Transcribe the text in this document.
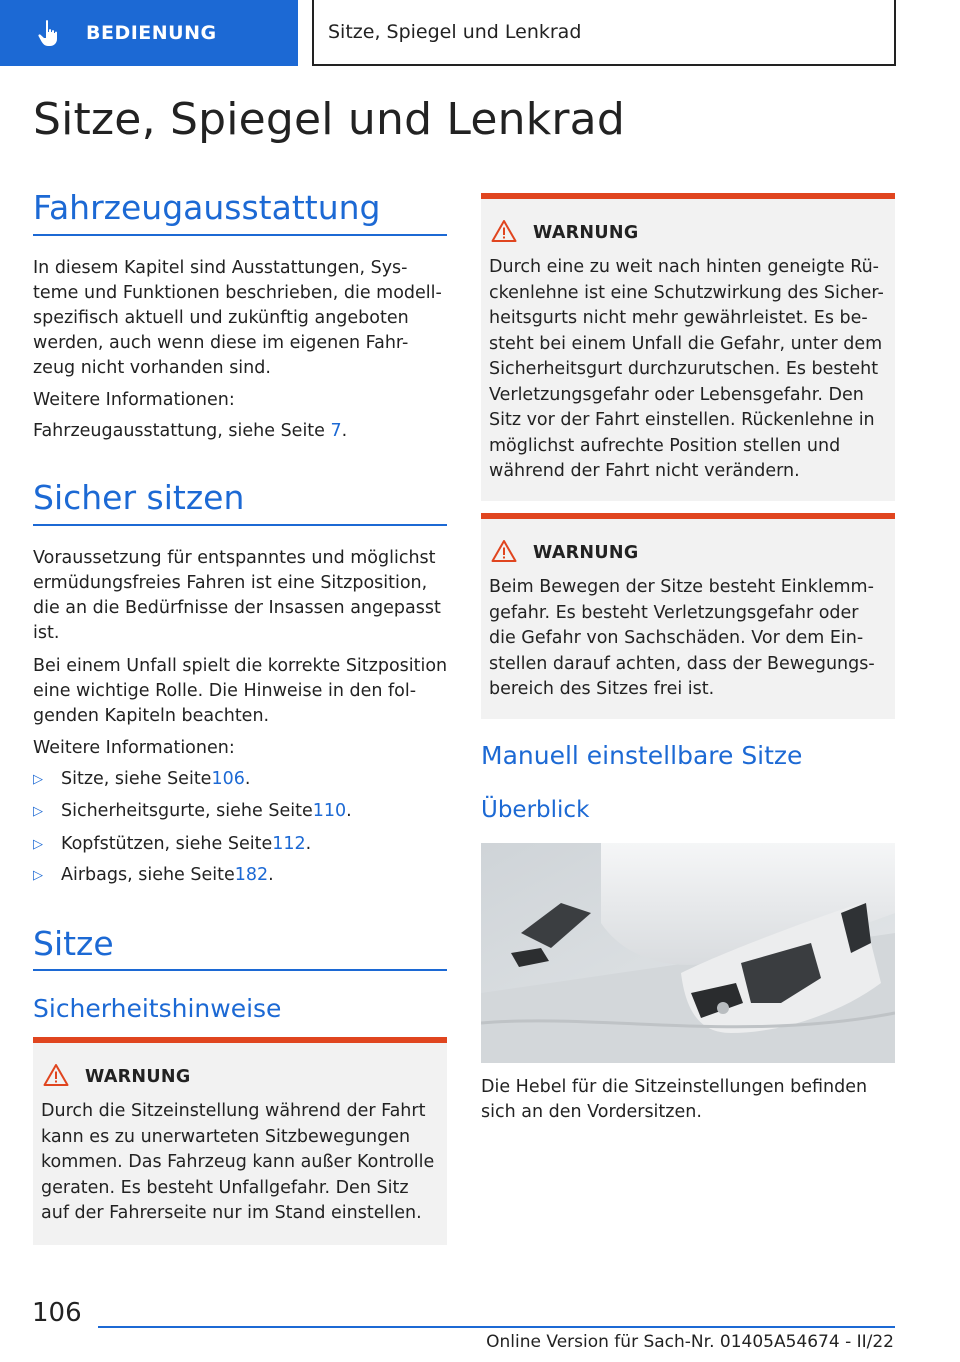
BEDIENUNG	Sitze, Spiegel und Lenkrad
Sitze, Spiegel und Lenkrad
Fahrzeugausstattung

In diesem Kapitel sind Ausstattungen, Sys-
teme und Funktionen beschrieben, die modell-
spezifisch aktuell und zukünftig angeboten
werden, auch wenn diese im eigenen Fahr-
zeug nicht vorhanden sind.

Weitere Informationen:

Fahrzeugausstattung, siehe Seite 7.

Sicher sitzen

Voraussetzung für entspanntes und möglichst
ermüdungsfreies Fahren ist eine Sitzposition,
die an die Bedürfnisse der Insassen angepasst
ist.

Bei einem Unfall spielt die korrekte Sitzposition
eine wichtige Rolle. Die Hinweise in den fol-
genden Kapiteln beachten.

Weitere Informationen:

▷	Sitze, siehe Seite 106 .
▷	Sicherheitsgurte, siehe Seite 110 .
▷	Kopfstützen, siehe Seite 112 .
▷	Airbags, siehe Seite 182 .
Sitze
Sicherheitshinweise
WARNUNG
Durch die Sitzeinstellung während der Fahrt
kann es zu unerwarteten Sitzbewegungen
kommen. Das Fahrzeug kann außer Kontrolle
geraten. Es besteht Unfallgefahr. Den Sitz
auf der Fahrerseite nur im Stand einstellen.
WARNUNG
Durch eine zu weit nach hinten geneigte Rü-
ckenlehne ist eine Schutzwirkung des Sicher-
heitsgurts nicht mehr gewährleistet. Es be-
steht bei einem Unfall die Gefahr, unter dem
Sicherheitsgurt durchzurutschen. Es besteht
Verletzungsgefahr oder Lebensgefahr. Den
Sitz vor der Fahrt einstellen. Rückenlehne in
möglichst aufrechte Position stellen und
während der Fahrt nicht verändern.
WARNUNG
Beim Bewegen der Sitze besteht Einklemm-
gefahr. Es besteht Verletzungsgefahr oder
die Gefahr von Sachschäden. Vor dem Ein-
stellen darauf achten, dass der Bewegungs-
bereich des Sitzes frei ist.
Manuell einstellbare Sitze
Überblick

Die Hebel für die Sitzeinstellungen befinden
sich an den Vordersitzen.

106
Online Version für Sach-Nr. 01405A54674 - II/22
